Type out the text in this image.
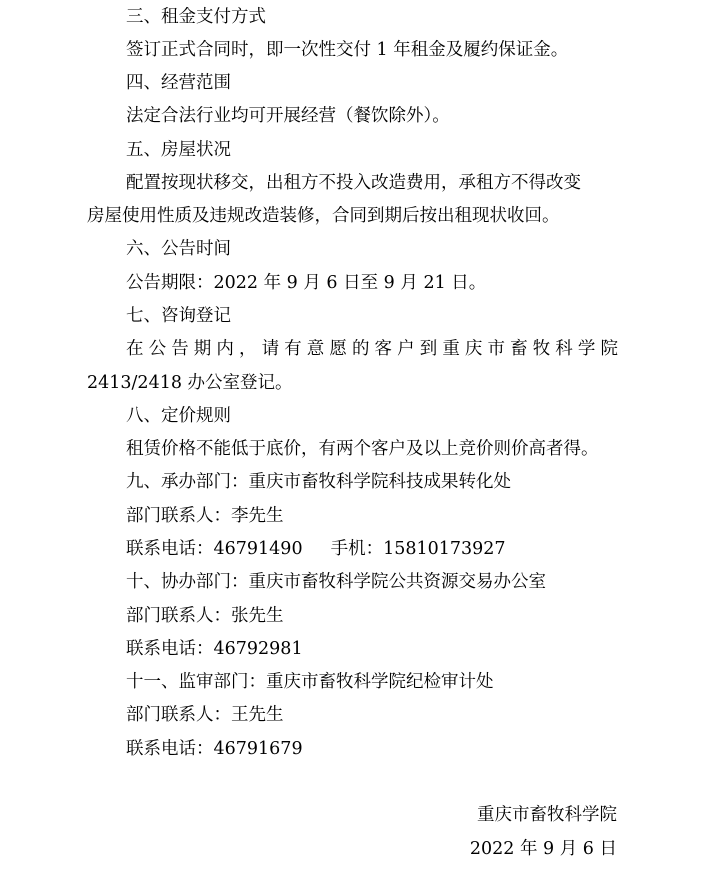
三、租金支付方式
签订正式合同时，即一次性交付 1 年租金及履约保证金。
四、经营范围
法定合法行业均可开展经营（餐饮除外）。
五、房屋状况
配置按现状移交，出租方不投入改造费用，承租方不得改变
房屋使用性质及违规改造装修，合同到期后按出租现状收回。
六、公告时间
公告期限：2022 年 9 月 6 日至 9 月 21 日。
七、咨询登记
在 公 告 期 内 ， 请 有 意 愿 的 客 户 到 重 庆 市 畜 牧 科 学 院
2413/2418 办公室登记。
八、定价规则
租赁价格不能低于底价，有两个客户及以上竞价则价高者得。
九、承办部门：重庆市畜牧科学院科技成果转化处
部门联系人：李先生
联系电话：46791490 手机：15810173927
十、协办部门：重庆市畜牧科学院公共资源交易办公室
部门联系人：张先生
联系电话：46792981
十一、监审部门：重庆市畜牧科学院纪检审计处
部门联系人：王先生
联系电话：46791679
重庆市畜牧科学院
2022 年 9 月 6 日
